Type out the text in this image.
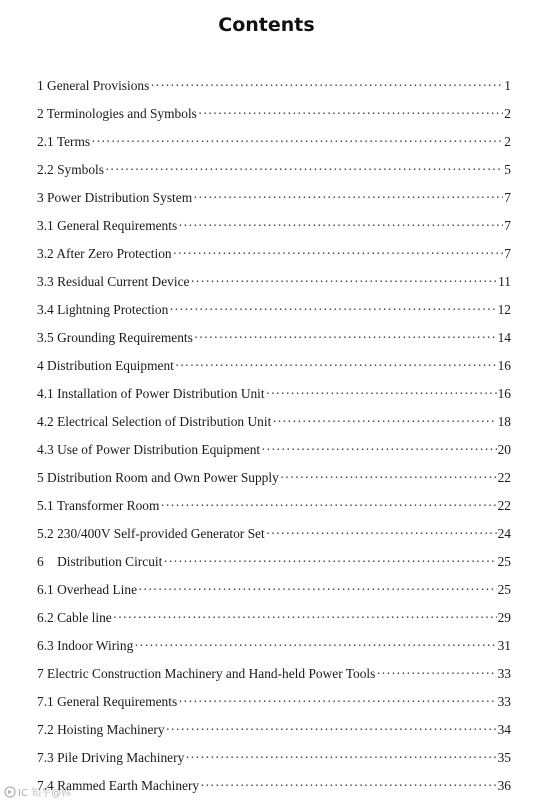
Contents
1 General Provisions ·····	1
2 Terminologies and Symbols ·····	2
2.1 Terms ·····	2
2.2 Symbols ·····	5
3 Power Distribution System ·····	7
3.1 General Requirements ·····	7
3.2 After Zero Protection ·····	7
3.3 Residual Current Device ·····	11
3.4 Lightning Protection ·····	12
3.5 Grounding Requirements ·····	14
4 Distribution Equipment ·····	16
4.1 Installation of Power Distribution Unit ·····	16
4.2 Electrical Selection of Distribution Unit ·····	18
4.3 Use of Power Distribution Equipment ·····	20
5 Distribution Room and Own Power Supply ·····	22
5.1 Transformer Room ·····	22
5.2 230/400V Self-provided Generator Set ·····	24
6    Distribution Circuit ·····	25
6.1 Overhead Line ·····	25
6.2 Cable line ·····	29
6.3 Indoor Wiring ·····	31
7 Electric Construction Machinery and Hand-held Power Tools ·····	33
7.1 General Requirements ·····	33
7.2 Hoisting Machinery ·····	34
7.3 Pile Driving Machinery ·····	35
7.4 Rammed Earth Machinery ·····	36
IC 知乎@韩
